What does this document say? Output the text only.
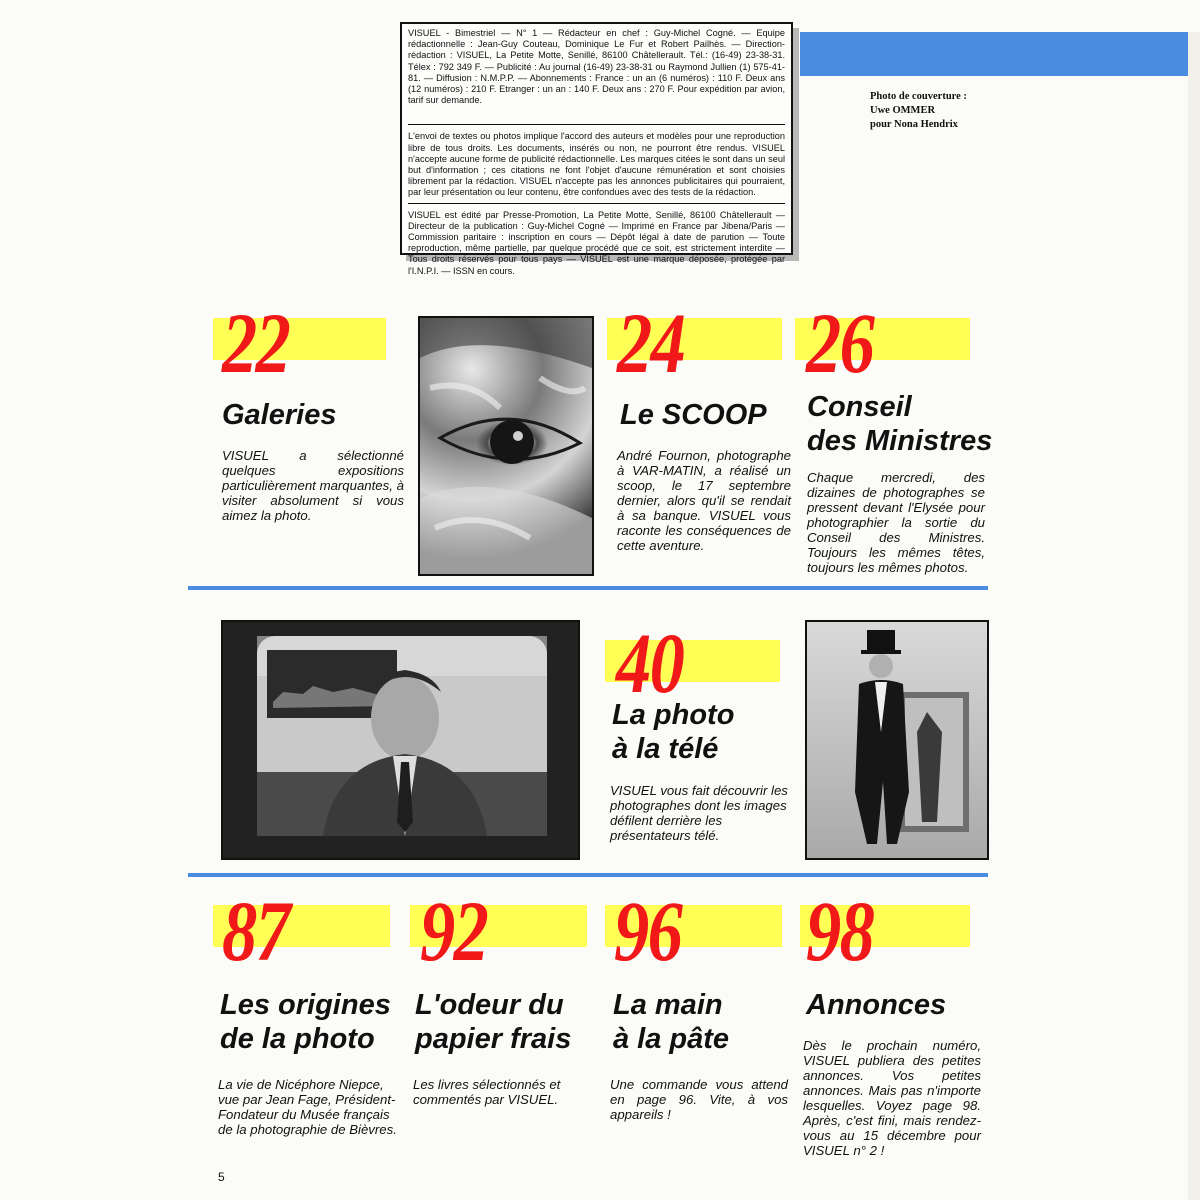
VISUEL - Bimestriel — N° 1 — Rédacteur en chef : Guy-Michel Cogné. — Equipe rédactionnelle : Jean-Guy Couteau, Dominique Le Fur et Robert Pailhès. — Direction-rédaction : VISUEL, La Petite Motte, Senillé, 86100 Châtellerault. Tél.: (16-49) 23-38-31. Télex : 792 349 F. — Publicité : Au journal (16-49) 23-38-31 ou Raymond Jullien (1) 575-41-81. — Diffusion : N.M.P.P. — Abonnements : France : un an (6 numéros) : 110 F. Deux ans (12 numéros) : 210 F. Etranger : un an : 140 F. Deux ans : 270 F. Pour expédition par avion, tarif sur demande.

L'envoi de textes ou photos implique l'accord des auteurs et modèles pour une reproduction libre de tous droits. Les documents, insérés ou non, ne pourront être rendus. VISUEL n'accepte aucune forme de publicité rédactionnelle. Les marques citées le sont dans un seul but d'information ; ces citations ne font l'objet d'aucune rémunération et sont choisies librement par la rédaction. VISUEL n'accepte pas les annonces publicitaires qui pourraient, par leur présentation ou leur contenu, être confondues avec des tests de la rédaction.

VISUEL est édité par Presse-Promotion, La Petite Motte, Senillé, 86100 Châtellerault — Directeur de la publication : Guy-Michel Cogné — Imprimé en France par Jibena/Paris — Commission paritaire : inscription en cours — Dépôt légal à date de parution — Toute reproduction, même partielle, par quelque procédé que ce soit, est strictement interdite — Tous droits réservés pour tous pays — VISUEL est une marque déposée, protégée par l'I.N.P.I. — ISSN en cours.

Photo de couverture :
Uwe OMMER
pour Nona Hendrix
22
Galeries
VISUEL a sélectionné quelques expositions particulièrement marquantes, à visiter absolument si vous aimez la photo.
24
Le SCOOP
André Fournon, photographe à VAR-MATIN, a réalisé un scoop, le 17 septembre dernier, alors qu'il se rendait à sa banque. VISUEL vous raconte les conséquences de cette aventure.
26
Conseil
des Ministres
Chaque mercredi, des dizaines de photographes se pressent devant l'Elysée pour photographier la sortie du Conseil des Ministres. Toujours les mêmes têtes, toujours les mêmes photos.
40
La photo
à la télé
VISUEL vous fait découvrir les photographes dont les images défilent derrière les présentateurs télé.
87
Les origines
de la photo
La vie de Nicéphore Niepce, vue par Jean Fage, Président-Fondateur du Musée français de la photographie de Bièvres.
92
L'odeur du
papier frais
Les livres sélectionnés et commentés par VISUEL.
96
La main
à la pâte
Une commande vous attend en page 96. Vite, à vos appareils !
98
Annonces
Dès le prochain numéro, VISUEL publiera des petites annonces. Vos petites annonces. Mais pas n'importe lesquelles. Voyez page 98. Après, c'est fini, mais rendez-vous au 15 décembre pour VISUEL n° 2 !
5
